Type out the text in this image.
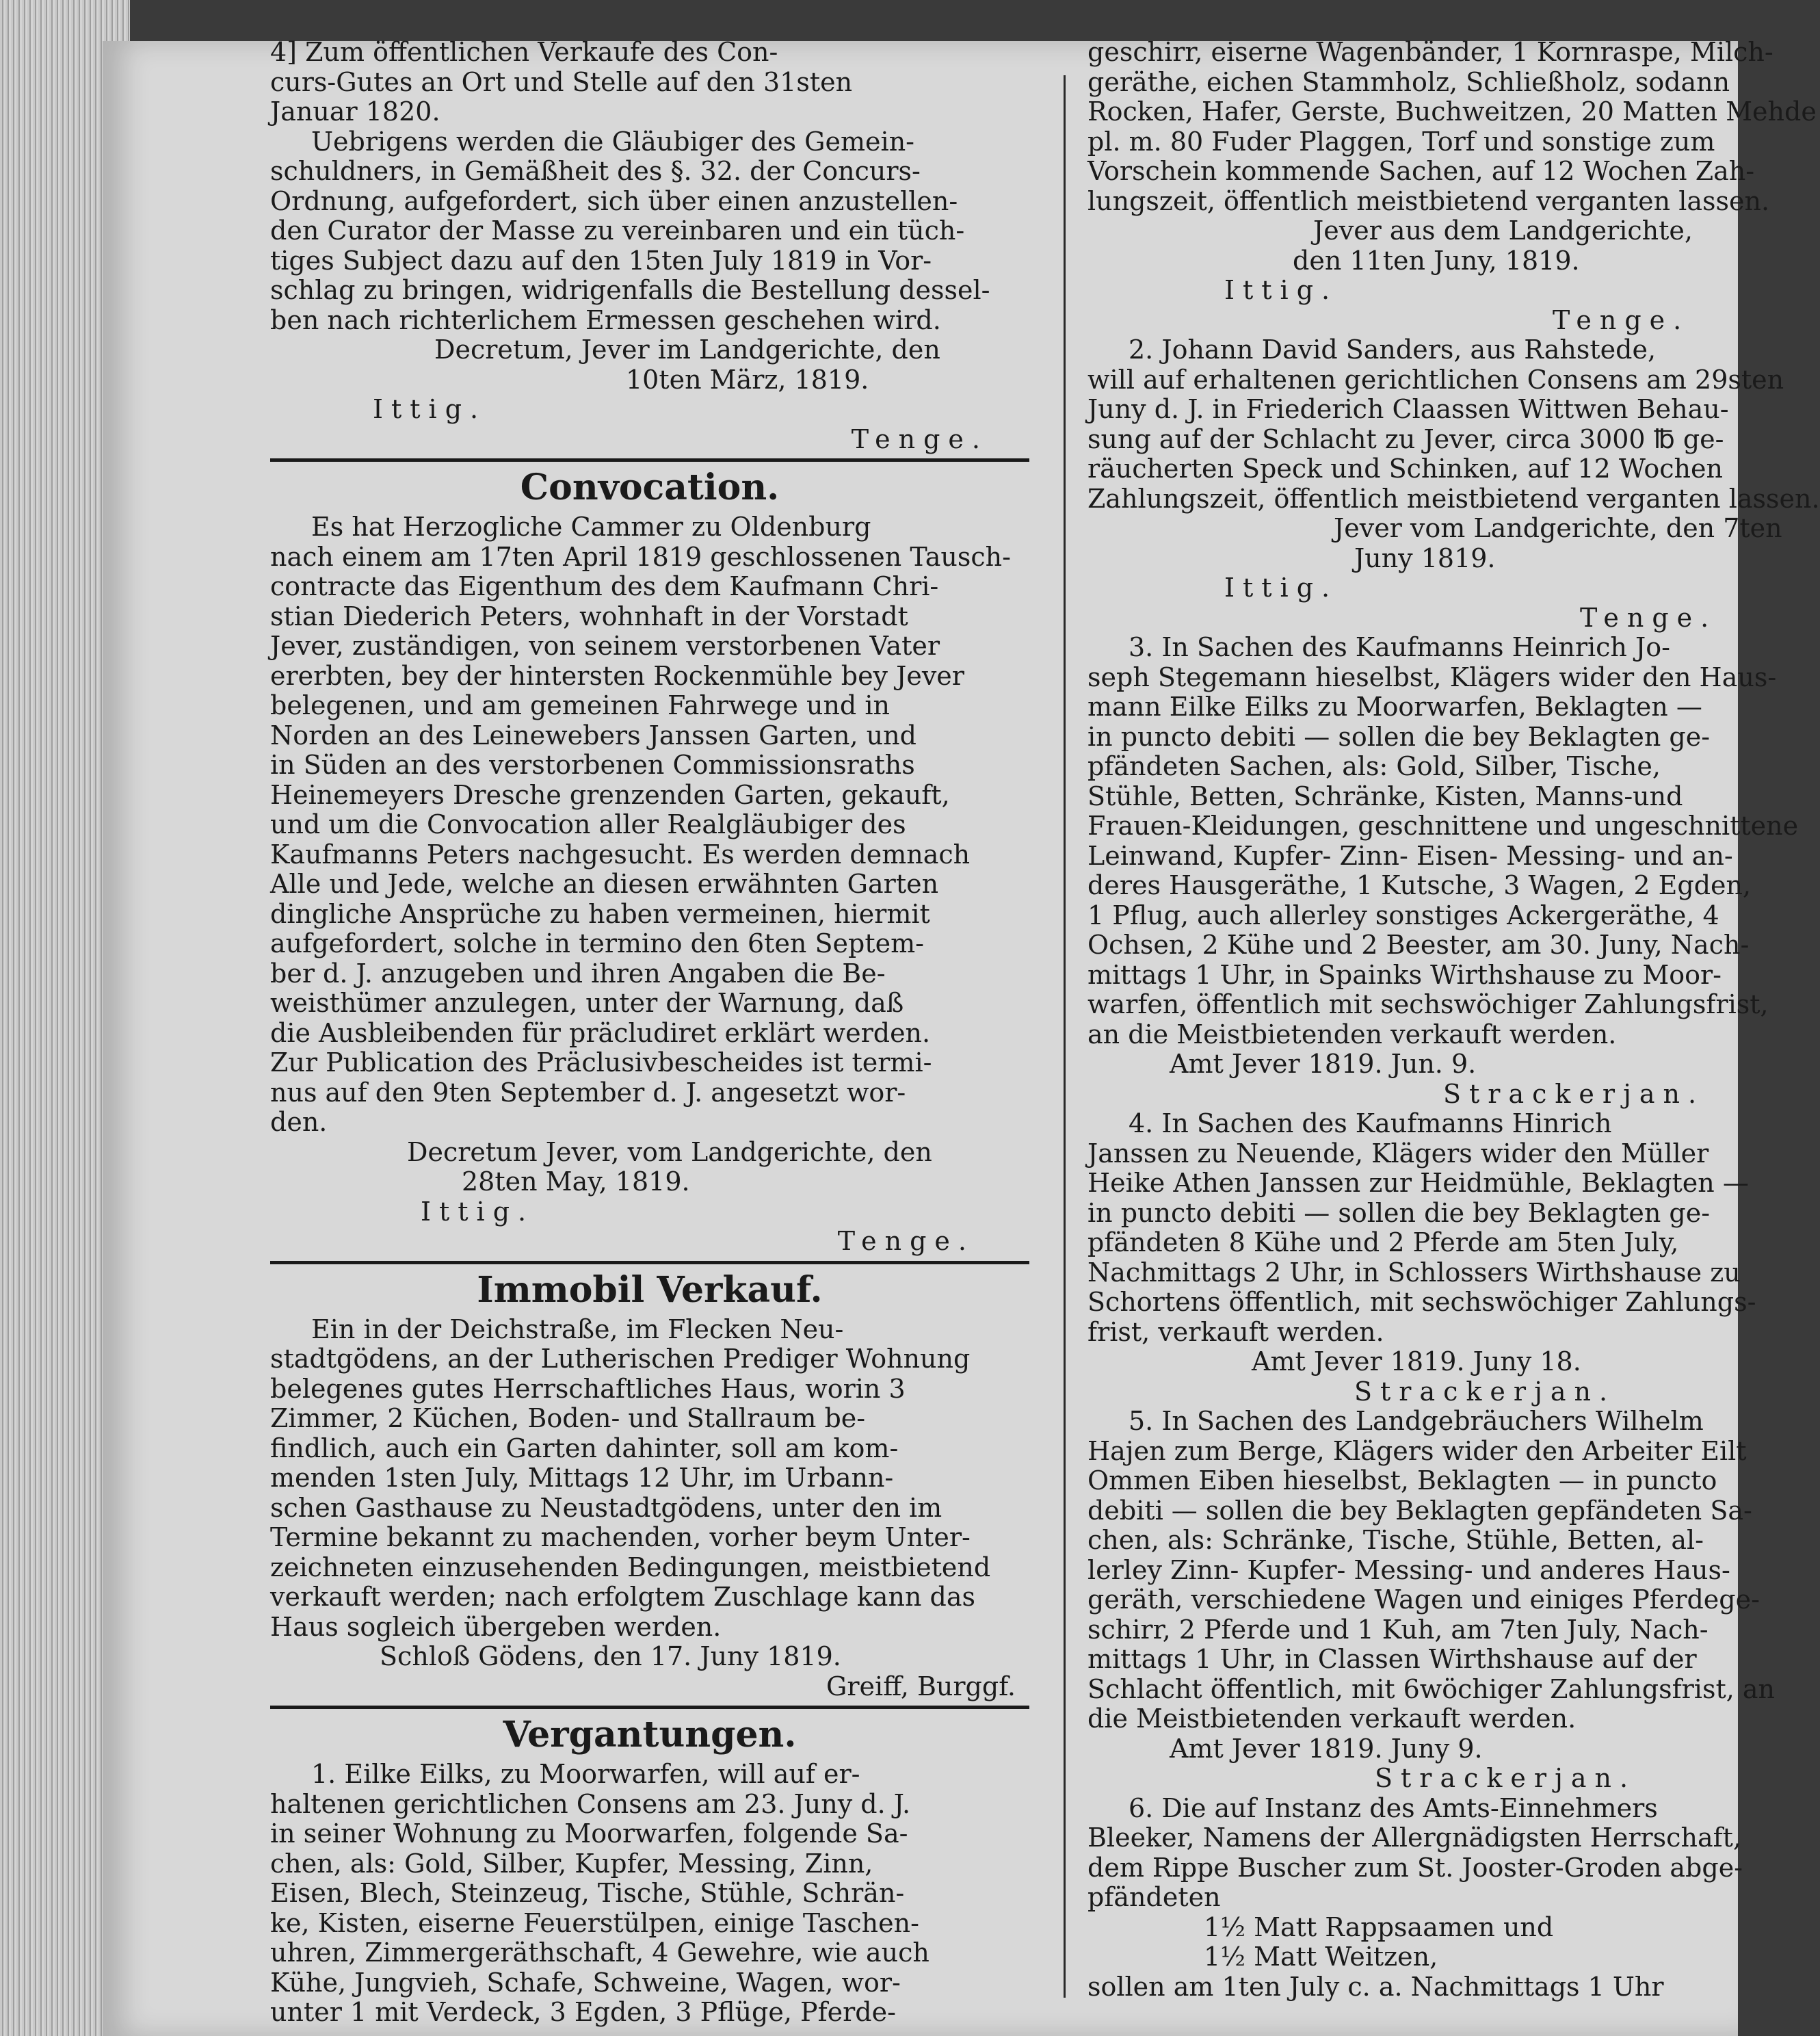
4] Zum öffentlichen Verkaufe des Con-
curs-Gutes an Ort und Stelle auf den 31sten
Januar 1820.
Uebrigens werden die Gläubiger des Gemein-
schuldners, in Gemäßheit des §. 32. der Concurs-
Ordnung, aufgefordert, sich über einen anzustellen-
den Curator der Masse zu vereinbaren und ein tüch-
tiges Subject dazu auf den 15ten July 1819 in Vor-
schlag zu bringen, widrigenfalls die Bestellung dessel-
ben nach richterlichem Ermessen geschehen wird.
Decretum, Jever im Landgerichte, den
10ten März, 1819.
Ittig.
Tenge.
Convocation.
Es hat Herzogliche Cammer zu Oldenburg
nach einem am 17ten April 1819 geschlossenen Tausch-
contracte das Eigenthum des dem Kaufmann Chri-
stian Diederich Peters, wohnhaft in der Vorstadt
Jever, zuständigen, von seinem verstorbenen Vater
ererbten, bey der hintersten Rockenmühle bey Jever
belegenen, und am gemeinen Fahrwege und in
Norden an des Leinewebers Janssen Garten, und
in Süden an des verstorbenen Commissionsraths
Heinemeyers Dresche grenzenden Garten, gekauft,
und um die Convocation aller Realgläubiger des
Kaufmanns Peters nachgesucht. Es werden demnach
Alle und Jede, welche an diesen erwähnten Garten
dingliche Ansprüche zu haben vermeinen, hiermit
aufgefordert, solche in termino den 6ten Septem-
ber d. J. anzugeben und ihren Angaben die Be-
weisthümer anzulegen, unter der Warnung, daß
die Ausbleibenden für präcludiret erklärt werden.
Zur Publication des Präclusivbescheides ist termi-
nus auf den 9ten September d. J. angesetzt wor-
den.
Decretum Jever, vom Landgerichte, den
28ten May, 1819.
Ittig.
Tenge.
Immobil Verkauf.
Ein in der Deichstraße, im Flecken Neu-
stadtgödens, an der Lutherischen Prediger Wohnung
belegenes gutes Herrschaftliches Haus, worin 3
Zimmer, 2 Küchen, Boden- und Stallraum be-
findlich, auch ein Garten dahinter, soll am kom-
menden 1sten July, Mittags 12 Uhr, im Urbann-
schen Gasthause zu Neustadtgödens, unter den im
Termine bekannt zu machenden, vorher beym Unter-
zeichneten einzusehenden Bedingungen, meistbietend
verkauft werden; nach erfolgtem Zuschlage kann das
Haus sogleich übergeben werden.
Schloß Gödens, den 17. Juny 1819.
Greiff, Burggf.
Vergantungen.
1. Eilke Eilks, zu Moorwarfen, will auf er-
haltenen gerichtlichen Consens am 23. Juny d. J.
in seiner Wohnung zu Moorwarfen, folgende Sa-
chen, als: Gold, Silber, Kupfer, Messing, Zinn,
Eisen, Blech, Steinzeug, Tische, Stühle, Schrän-
ke, Kisten, eiserne Feuerstülpen, einige Taschen-
uhren, Zimmergeräthschaft, 4 Gewehre, wie auch
Kühe, Jungvieh, Schafe, Schweine, Wagen, wor-
unter 1 mit Verdeck, 3 Egden, 3 Pflüge, Pferde-
geschirr, eiserne Wagenbänder, 1 Kornraspe, Milch-
geräthe, eichen Stammholz, Schließholz, sodann
Rocken, Hafer, Gerste, Buchweitzen, 20 Matten Mehde
pl. m. 80 Fuder Plaggen, Torf und sonstige zum
Vorschein kommende Sachen, auf 12 Wochen Zah-
lungszeit, öffentlich meistbietend verganten lassen.
Jever aus dem Landgerichte,
den 11ten Juny, 1819.
Ittig.
Tenge.
2. Johann David Sanders, aus Rahstede,
will auf erhaltenen gerichtlichen Consens am 29sten
Juny d. J. in Friederich Claassen Wittwen Behau-
sung auf der Schlacht zu Jever, circa 3000 ℔ ge-
räucherten Speck und Schinken, auf 12 Wochen
Zahlungszeit, öffentlich meistbietend verganten lassen.
Jever vom Landgerichte, den 7ten
Juny 1819.
Ittig.
Tenge.
3. In Sachen des Kaufmanns Heinrich Jo-
seph Stegemann hieselbst, Klägers wider den Haus-
mann Eilke Eilks zu Moorwarfen, Beklagten —
in puncto debiti — sollen die bey Beklagten ge-
pfändeten Sachen, als: Gold, Silber, Tische,
Stühle, Betten, Schränke, Kisten, Manns-und
Frauen-Kleidungen, geschnittene und ungeschnittene
Leinwand, Kupfer- Zinn- Eisen- Messing- und an-
deres Hausgeräthe, 1 Kutsche, 3 Wagen, 2 Egden,
1 Pflug, auch allerley sonstiges Ackergeräthe, 4
Ochsen, 2 Kühe und 2 Beester, am 30. Juny, Nach-
mittags 1 Uhr, in Spainks Wirthshause zu Moor-
warfen, öffentlich mit sechswöchiger Zahlungsfrist,
an die Meistbietenden verkauft werden.
Amt Jever 1819. Jun. 9.
Strackerjan.
4. In Sachen des Kaufmanns Hinrich
Janssen zu Neuende, Klägers wider den Müller
Heike Athen Janssen zur Heidmühle, Beklagten —
in puncto debiti — sollen die bey Beklagten ge-
pfändeten 8 Kühe und 2 Pferde am 5ten July,
Nachmittags 2 Uhr, in Schlossers Wirthshause zu
Schortens öffentlich, mit sechswöchiger Zahlungs-
frist, verkauft werden.
Amt Jever 1819. Juny 18.
Strackerjan.
5. In Sachen des Landgebräuchers Wilhelm
Hajen zum Berge, Klägers wider den Arbeiter Eilt
Ommen Eiben hieselbst, Beklagten — in puncto
debiti — sollen die bey Beklagten gepfändeten Sa-
chen, als: Schränke, Tische, Stühle, Betten, al-
lerley Zinn- Kupfer- Messing- und anderes Haus-
geräth, verschiedene Wagen und einiges Pferdege-
schirr, 2 Pferde und 1 Kuh, am 7ten July, Nach-
mittags 1 Uhr, in Classen Wirthshause auf der
Schlacht öffentlich, mit 6wöchiger Zahlungsfrist, an
die Meistbietenden verkauft werden.
Amt Jever 1819. Juny 9.
Strackerjan.
6. Die auf Instanz des Amts-Einnehmers
Bleeker, Namens der Allergnädigsten Herrschaft,
dem Rippe Buscher zum St. Jooster-Groden abge-
pfändeten
1½ Matt Rappsaamen und
1½ Matt Weitzen,
sollen am 1ten July c. a. Nachmittags 1 Uhr
